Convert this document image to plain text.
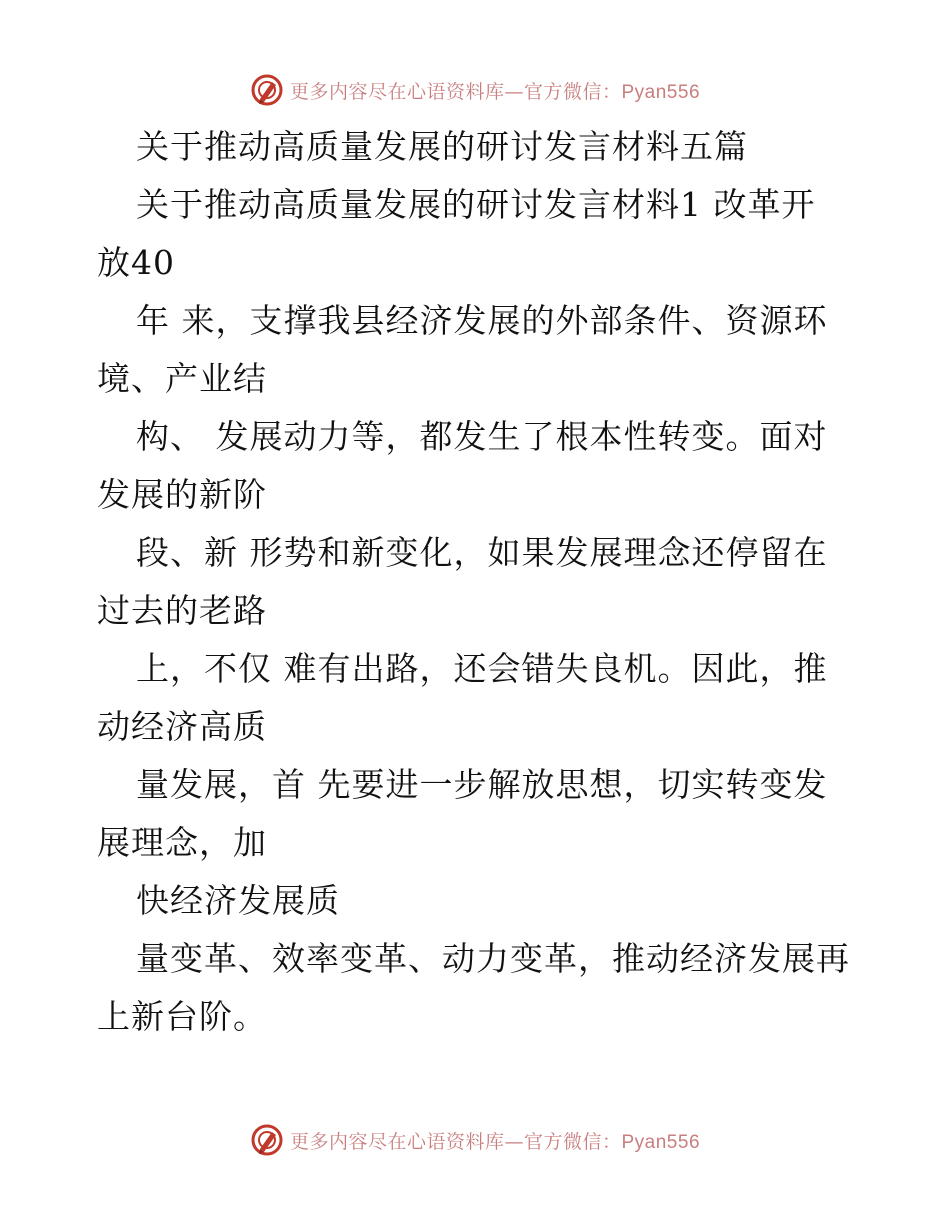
更多内容尽在心语资料库—官方微信：Pyan556
关于推动高质量发展的研讨发言材料五篇
关于推动高质量发展的研讨发言材料1 改革开
放40
年 来，支撑我县经济发展的外部条件、资源环
境、产业结
构、 发展动力等，都发生了根本性转变。面对
发展的新阶
段、新 形势和新变化，如果发展理念还停留在
过去的老路
上，不仅 难有出路，还会错失良机。因此，推
动经济高质
量发展，首 先要进一步解放思想，切实转变发
展理念，加
快经济发展质
量变革、效率变革、动力变革，推动经济发展再
上新台阶。
更多内容尽在心语资料库—官方微信：Pyan556
